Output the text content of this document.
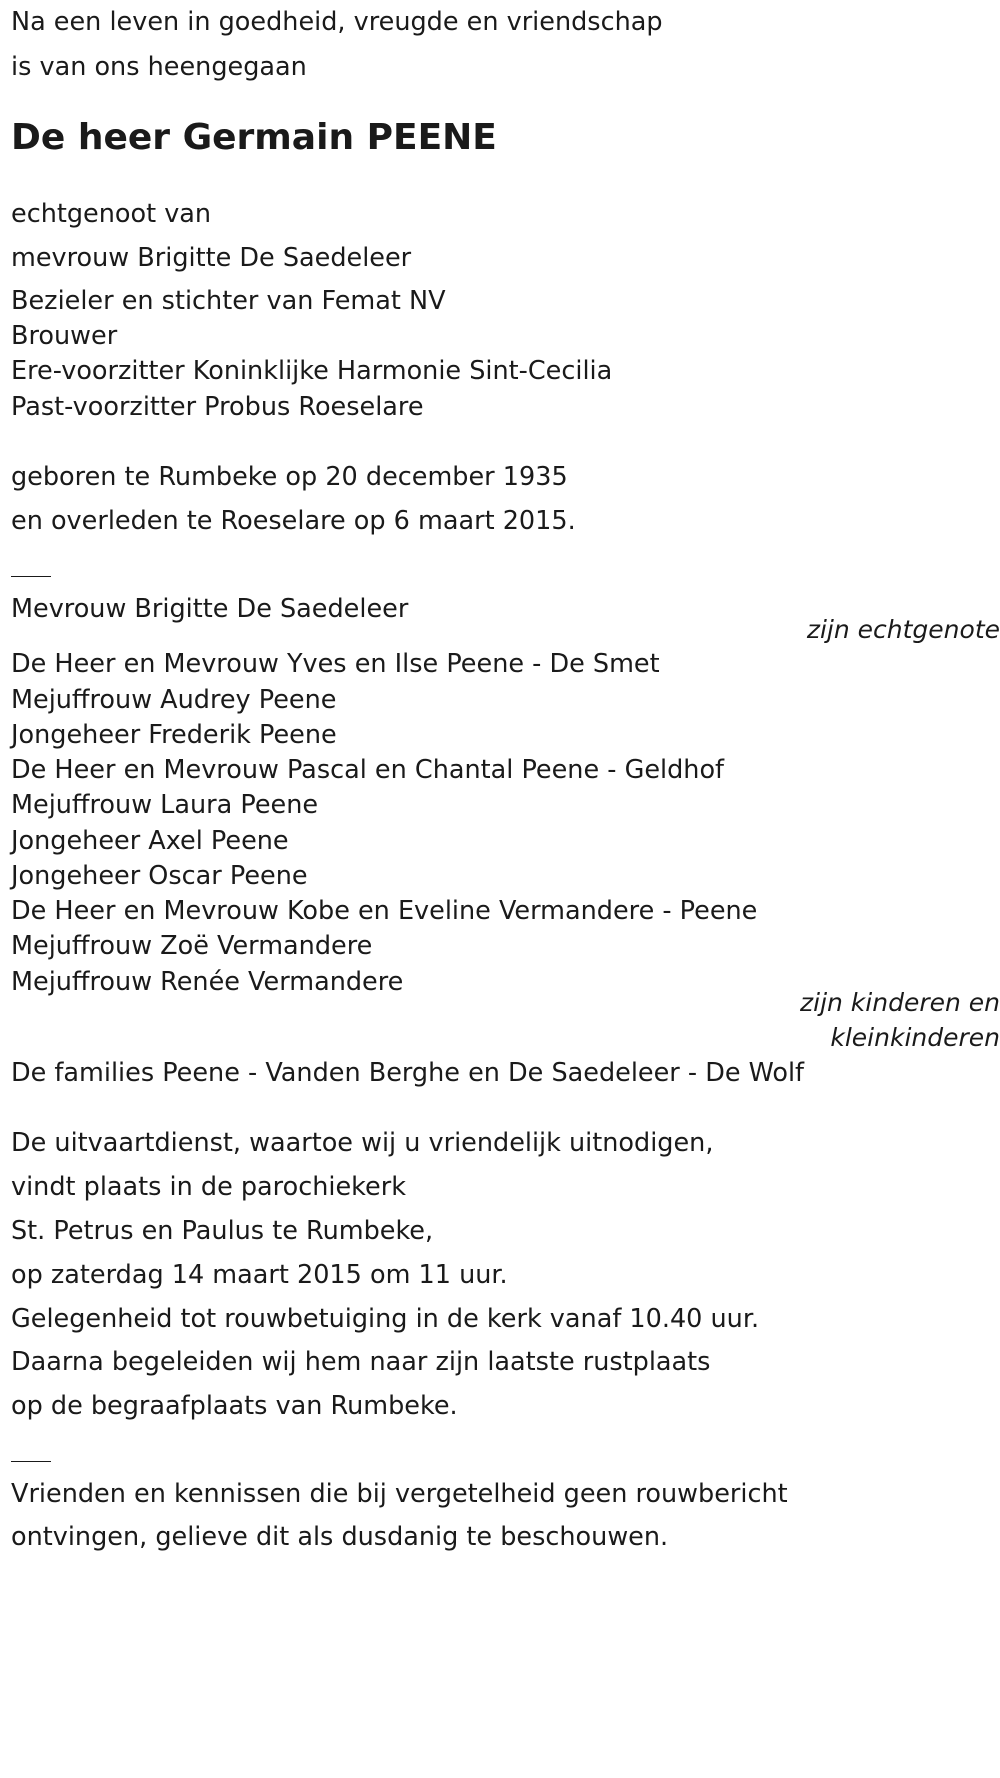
Na een leven in goedheid, vreugde en vriendschap

is van ons heengegaan

De heer Germain PEENE

echtgenoot van

mevrouw Brigitte De Saedeleer

Bezieler en stichter van Femat NV

Brouwer

Ere-voorzitter Koninklijke Harmonie Sint-Cecilia

Past-voorzitter Probus Roeselare

geboren te Rumbeke op 20 december 1935

en overleden te Roeselare op 6 maart 2015.

Mevrouw Brigitte De Saedeleer

zijn echtgenote

De Heer en Mevrouw Yves en Ilse Peene - De Smet

Mejuffrouw Audrey Peene

Jongeheer Frederik Peene

De Heer en Mevrouw Pascal en Chantal Peene - Geldhof

Mejuffrouw Laura Peene

Jongeheer Axel Peene

Jongeheer Oscar Peene

De Heer en Mevrouw Kobe en Eveline Vermandere - Peene

Mejuffrouw Zoë Vermandere

Mejuffrouw Renée Vermandere

zijn kinderen en
kleinkinderen

De families Peene - Vanden Berghe en De Saedeleer - De Wolf

De uitvaartdienst, waartoe wij u vriendelijk uitnodigen,

vindt plaats in de parochiekerk

St. Petrus en Paulus te Rumbeke,

op zaterdag 14 maart 2015 om 11 uur.

Gelegenheid tot rouwbetuiging in de kerk vanaf 10.40 uur.

Daarna begeleiden wij hem naar zijn laatste rustplaats

op de begraafplaats van Rumbeke.

Vrienden en kennissen die bij vergetelheid geen rouwbericht

ontvingen, gelieve dit als dusdanig te beschouwen.
